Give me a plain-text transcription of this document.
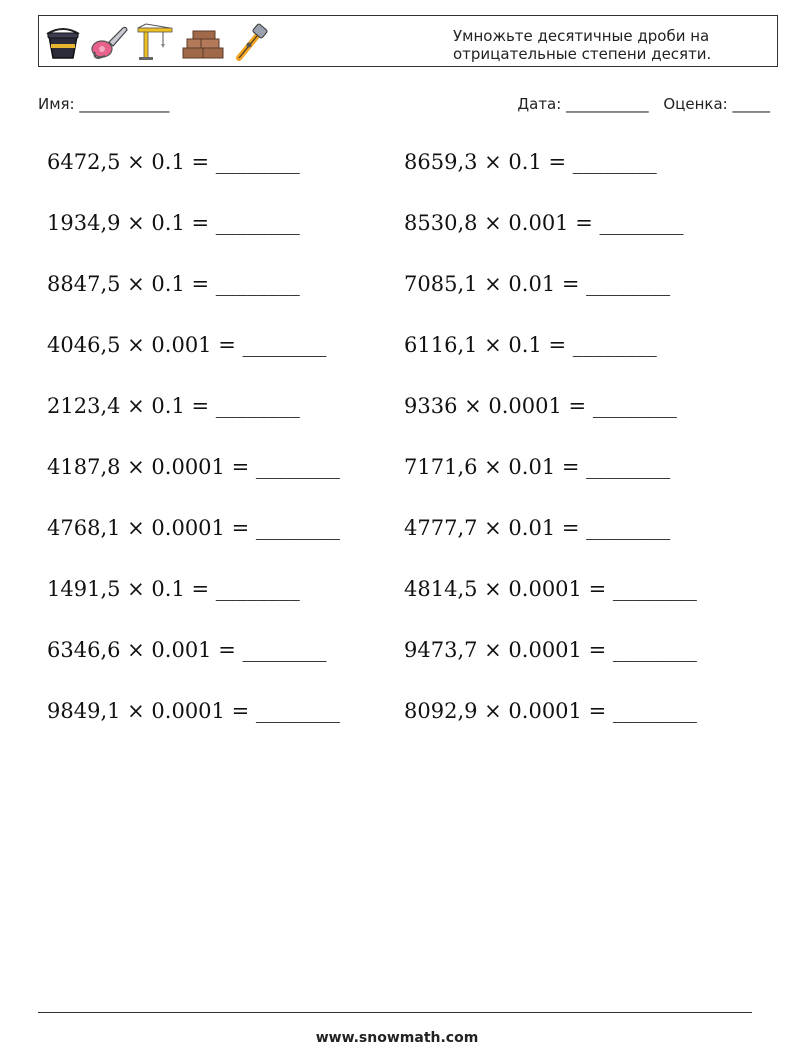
Умножьте десятичные дроби на
отрицательные степени десяти.
Имя: ____________	Дата: ___________ Оценка: _____
6472,5 × 0.1 = ________
1934,9 × 0.1 = ________
8847,5 × 0.1 = ________
4046,5 × 0.001 = ________
2123,4 × 0.1 = ________
4187,8 × 0.0001 = ________
4768,1 × 0.0001 = ________
1491,5 × 0.1 = ________
6346,6 × 0.001 = ________
9849,1 × 0.0001 = ________
8659,3 × 0.1 = ________
8530,8 × 0.001 = ________
7085,1 × 0.01 = ________
6116,1 × 0.1 = ________
9336 × 0.0001 = ________
7171,6 × 0.01 = ________
4777,7 × 0.01 = ________
4814,5 × 0.0001 = ________
9473,7 × 0.0001 = ________
8092,9 × 0.0001 = ________
www.snowmath.com
